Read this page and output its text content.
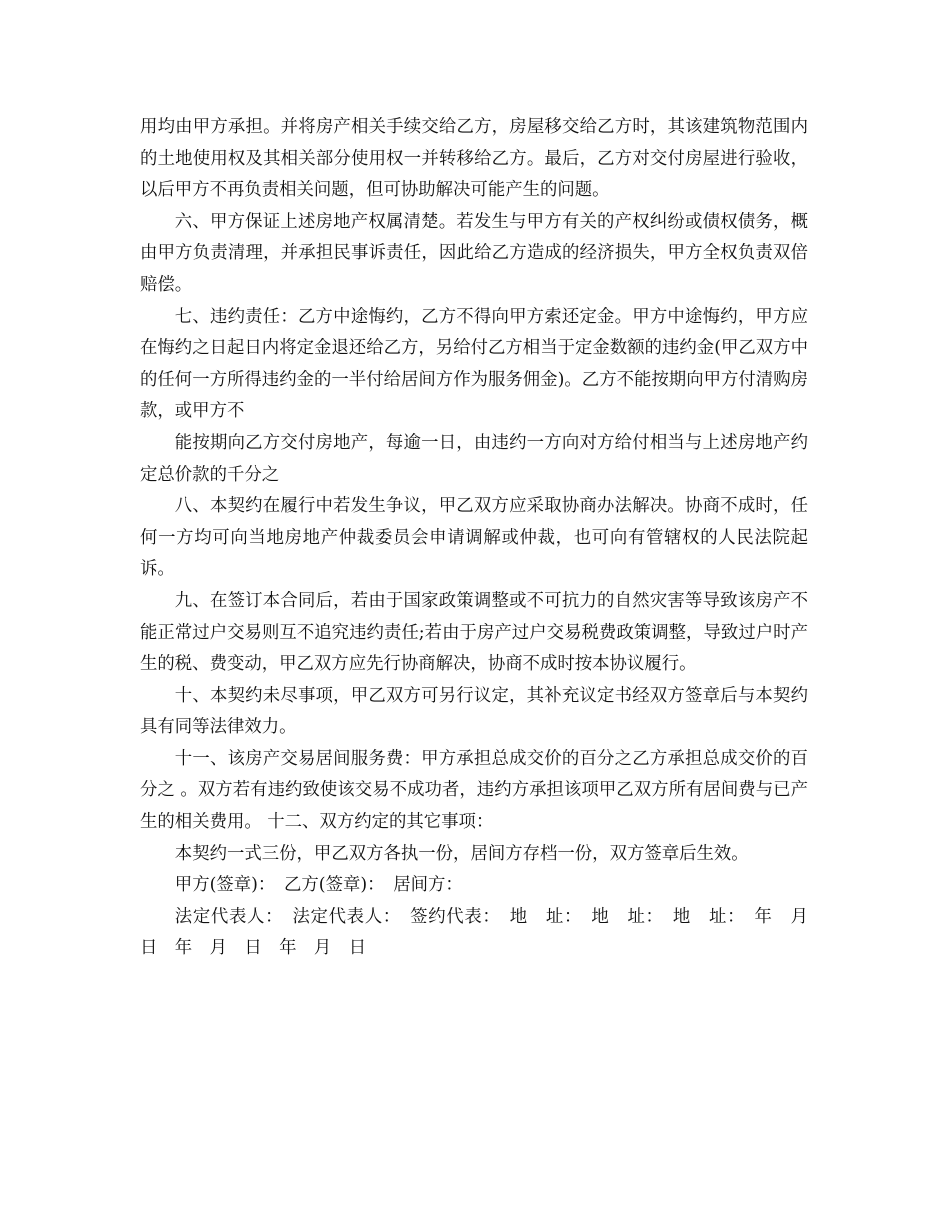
用均由甲方承担。并将房产相关手续交给乙方，房屋移交给乙方时，其该建筑物范围内的土地使用权及其相关部分使用权一并转移给乙方。最后，乙方对交付房屋进行验收，以后甲方不再负责相关问题，但可协助解决可能产生的问题。

六、甲方保证上述房地产权属清楚。若发生与甲方有关的产权纠纷或债权债务，概由甲方负责清理，并承担民事诉责任，因此给乙方造成的经济损失，甲方全权负责双倍赔偿。

七、违约责任：乙方中途悔约，乙方不得向甲方索还定金。甲方中途悔约，甲方应在悔约之日起日内将定金退还给乙方，另给付乙方相当于定金数额的违约金(甲乙双方中的任何一方所得违约金的一半付给居间方作为服务佣金)。乙方不能按期向甲方付清购房款，或甲方不

能按期向乙方交付房地产，每逾一日，由违约一方向对方给付相当与上述房地产约定总价款的千分之

八、本契约在履行中若发生争议，甲乙双方应采取协商办法解决。协商不成时，任何一方均可向当地房地产仲裁委员会申请调解或仲裁，也可向有管辖权的人民法院起诉。

九、在签订本合同后，若由于国家政策调整或不可抗力的自然灾害等导致该房产不能正常过户交易则互不追究违约责任;若由于房产过户交易税费政策调整，导致过户时产生的税、费变动，甲乙双方应先行协商解决，协商不成时按本协议履行。

十、本契约未尽事项，甲乙双方可另行议定，其补充议定书经双方签章后与本契约具有同等法律效力。

十一、该房产交易居间服务费：甲方承担总成交价的百分之乙方承担总成交价的百分之 。双方若有违约致使该交易不成功者，违约方承担该项甲乙双方所有居间费与已产生的相关费用。 十二、双方约定的其它事项：

本契约一式三份，甲乙双方各执一份，居间方存档一份，双方签章后生效。

甲方(签章)：　乙方(签章)：　居间方：

法定代表人：　法定代表人：　签约代表：　地　址：　地　址：　地　址：　年　月　日　年　月　日　年　月　日
